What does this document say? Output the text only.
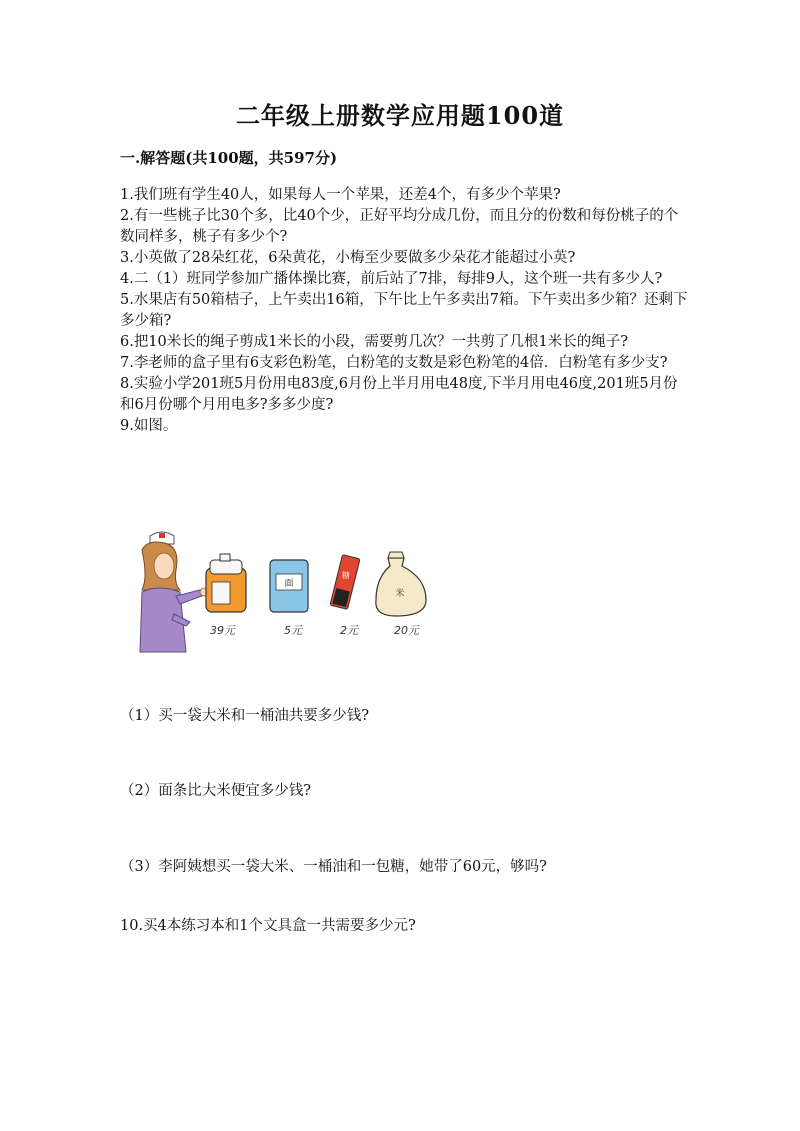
二年级上册数学应用题100道
一.解答题(共100题，共597分)

1.我们班有学生40人，如果每人一个苹果，还差4个，有多少个苹果?

2.有一些桃子比30个多，比40个少，正好平均分成几份，而且分的份数和每份桃子的个数同样多，桃子有多少个?

3.小英做了28朵红花，6朵黄花，小梅至少要做多少朵花才能超过小英?

4.二（1）班同学参加广播体操比赛，前后站了7排，每排9人，这个班一共有多少人?

5.水果店有50箱桔子，上午卖出16箱，下午比上午多卖出7箱。下午卖出多少箱？还剩下多少箱?

6.把10米长的绳子剪成1米长的小段，需要剪几次？一共剪了几根1米长的绳子?

7.李老师的盒子里有6支彩色粉笔，白粉笔的支数是彩色粉笔的4倍．白粉笔有多少支?

8.实验小学201班5月份用电83度,6月份上半月用电48度,下半月用电46度,201班5月份和6月份哪个月用电多?多多少度?

9.如图。

39元
面
5元
糖
2元
米
20元
（1）买一袋大米和一桶油共要多少钱?
（2）面条比大米便宜多少钱?
（3）李阿姨想买一袋大米、一桶油和一包糖，她带了60元，够吗?
10.买4本练习本和1个文具盒一共需要多少元?
